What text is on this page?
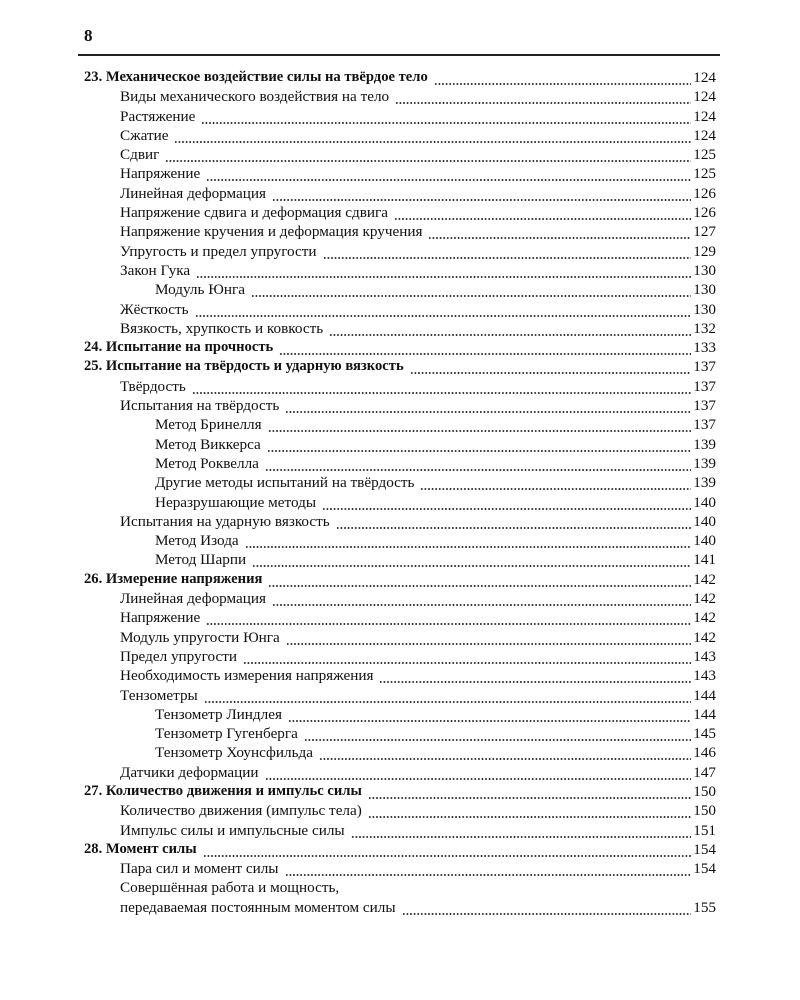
8
23. Механическое воздействие силы на твёрдое тело	124
Виды механического воздействия на тело	124
Растяжение	124
Сжатие	124
Сдвиг	125
Напряжение	125
Линейная деформация	126
Напряжение сдвига и деформация сдвига	126
Напряжение кручения и деформация кручения	127
Упругость и предел упругости	129
Закон Гука	130
Модуль Юнга	130
Жёсткость	130
Вязкость, хрупкость и ковкость	132
24. Испытание на прочность	133
25. Испытание на твёрдость и ударную вязкость	137
Твёрдость	137
Испытания на твёрдость	137
Метод Бринелля	137
Метод Виккерса	139
Метод Роквелла	139
Другие методы испытаний на твёрдость	139
Неразрушающие методы	140
Испытания на ударную вязкость	140
Метод Изода	140
Метод Шарпи	141
26. Измерение напряжения	142
Линейная деформация	142
Напряжение	142
Модуль упругости Юнга	142
Предел упругости	143
Необходимость измерения напряжения	143
Тензометры	144
Тензометр Линдлея	144
Тензометр Гугенберга	145
Тензометр Хоунсфильда	146
Датчики деформации	147
27. Количество движения и импульс силы	150
Количество движения (импульс тела)	150
Импульс силы и импульсные силы	151
28. Момент силы	154
Пара сил и момент силы	154
Совершённая работа и мощность,
передаваемая постоянным моментом силы	155
